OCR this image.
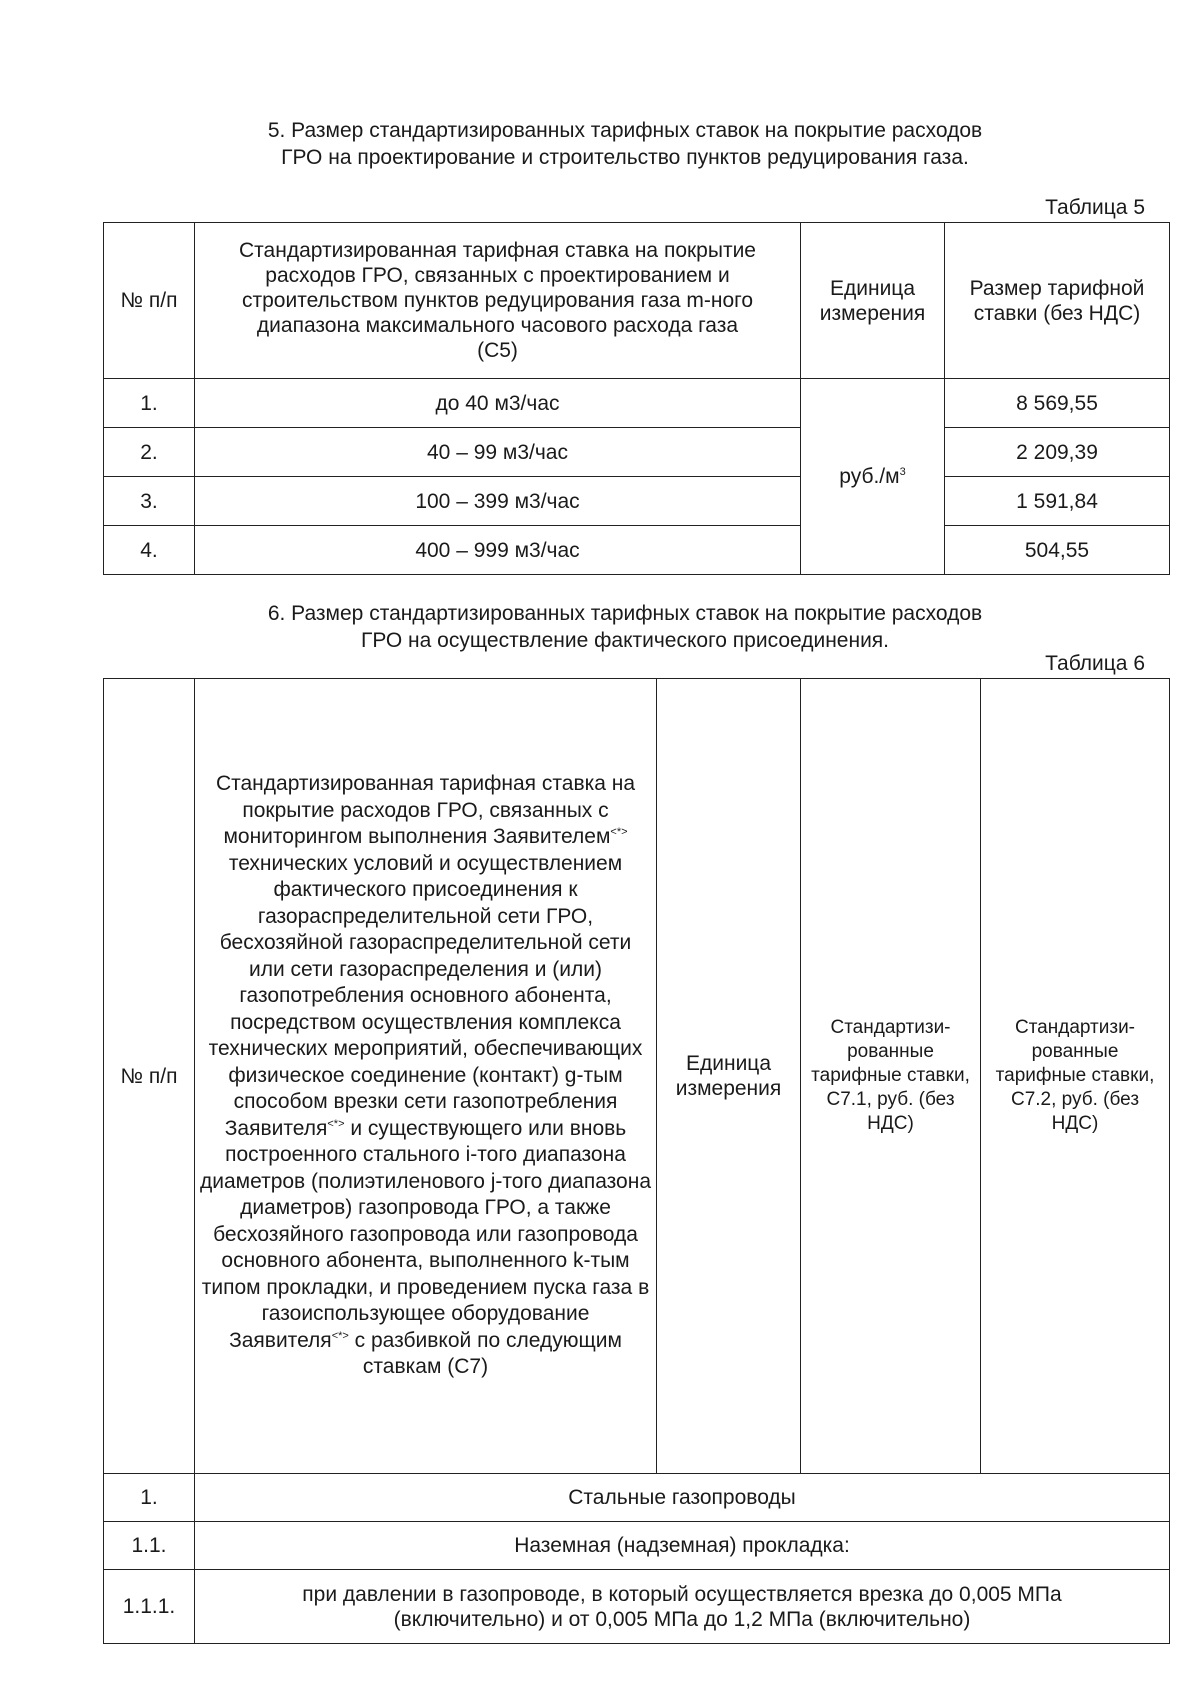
5. Размер стандартизированных тарифных ставок на покрытие расходов
ГРО на проектирование и строительство пунктов редуцирования газа.
Таблица 5
№ п/п	Стандартизированная тарифная ставка на покрытие расходов ГРО, связанных с проектированием и строительством пунктов редуцирования газа m-ного диапазона максимального часового расхода газа (С5)	Единица измерения	Размер тарифной ставки (без НДС)
1.	до 40 м3/час	$руб./м^3$	8 569,55
2.	40 – 99 м3/час		2 209,39
3.	100 – 399 м3/час		1 591,84
4.	400 – 999 м3/час		504,55
6. Размер стандартизированных тарифных ставок на покрытие расходов
ГРО на осуществление фактического присоединения.
Таблица 6
№ п/п	Стандартизированная тарифная ставка на покрытие расходов ГРО, связанных с мониторингом выполнения Заявителем<*> технических условий и осуществлением фактического присоединения к газораспределительной сети ГРО, бесхозяйной газораспределительной сети или сети газораспределения и (или) газопотребления основного абонента, посредством осуществления комплекса технических мероприятий, обеспечивающих физическое соединение (контакт) g-тым способом врезки сети газопотребления Заявителя<*> и существующего или вновь построенного стального i-того диапазона диаметров (полиэтиленового j-того диапазона диаметров) газопровода ГРО, а также бесхозяйного газопровода или газопровода основного абонента, выполненного k-тым типом прокладки, и проведением пуска газа в газоиспользующее оборудование Заявителя<*> с разбивкой по следующим ставкам (С7)	Единица измерения	Стандартизи-рованные тарифные ставки, С7.1, руб. (без НДС)	Стандартизи-рованные тарифные ставки, С7.2, руб. (без НДС)
1.	Стальные газопроводы			
1.1.	Наземная (надземная) прокладка:			
1.1.1.	при давлении в газопроводе, в который осуществляется врезка до 0,005 МПа (включительно) и от 0,005 МПа до 1,2 МПа (включительно)			
